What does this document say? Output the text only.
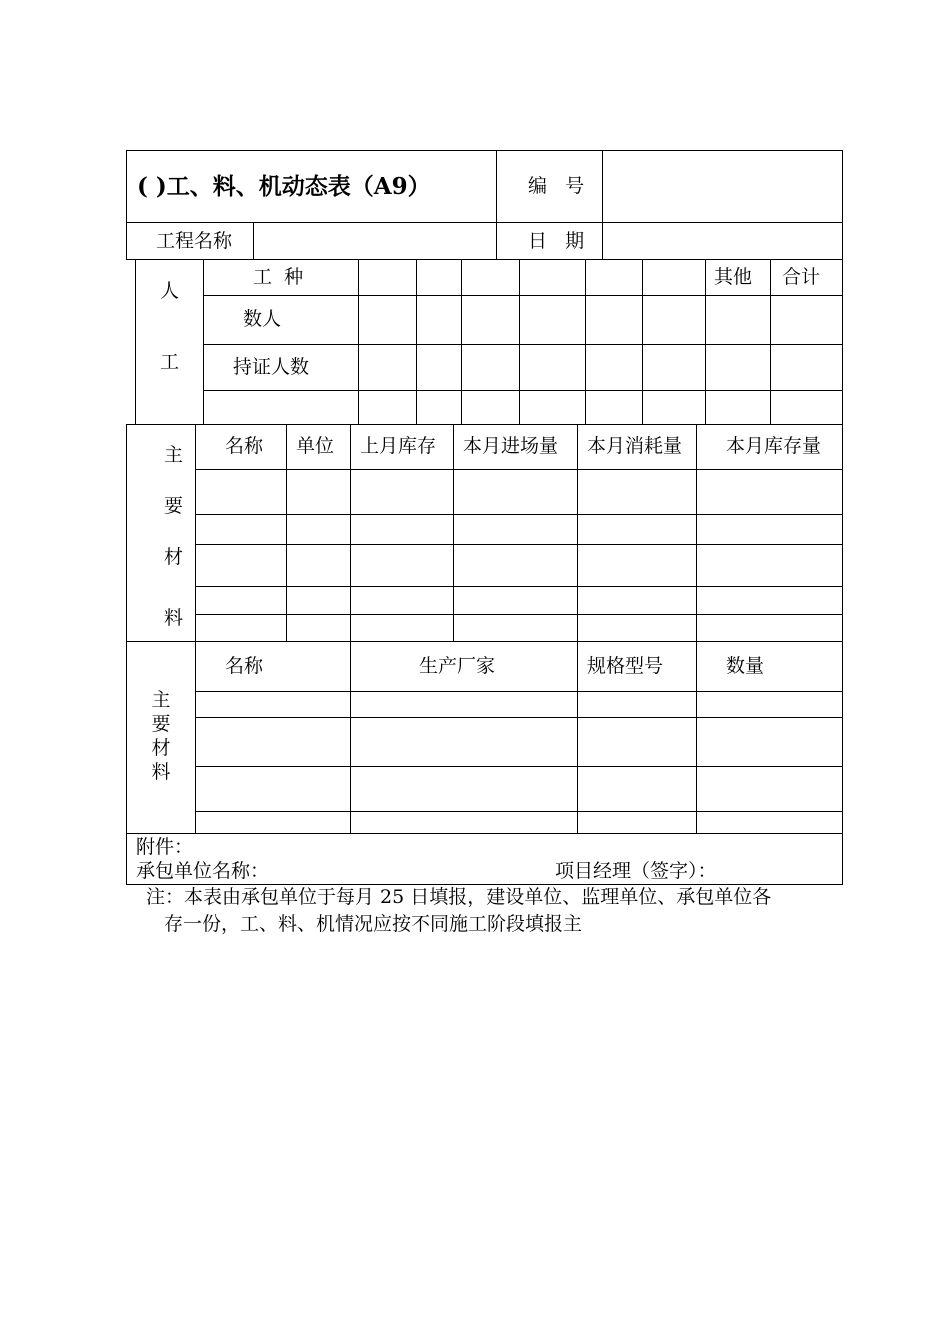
( )工、料、机动态表（A9）	编   号
工程名称	日   期
人
工
工  种	其他 合计
数人
持证人数
主
要
材
料
名称 单位 上月库存 本月进场量 本月消耗量 本月库存量
主
要
材
料
名称	生产厂家	规格型号	数量
附件：
承包单位名称：	项目经理（签字）：
注：本表由承包单位于每月 25 日填报，建设单位、监理单位、承包单位各
存一份，工、料、机情况应按不同施工阶段填报主
